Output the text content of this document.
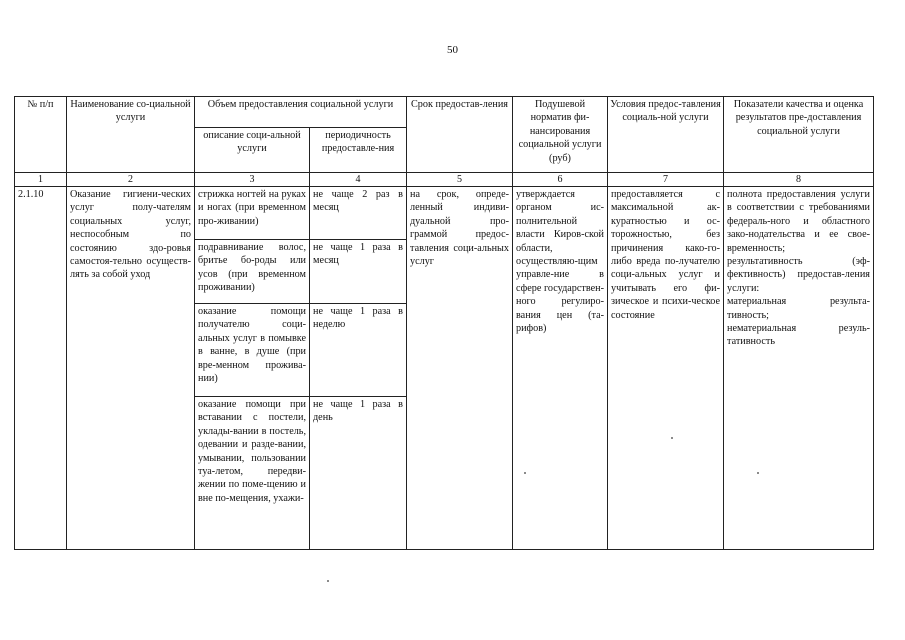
50
№ п/п	Наименование со-циальной услуги	Объем предоставления социальной услуги		Срок предостав-ления	Подушевой норматив фи-нансирования социальной услуги (руб)	Условия предос-тавления социаль-ной услуги	Показатели качества и оценка результатов пре-доставления социальной услуги
		описание соци-альной услуги	периодичность предоставле-ния				
1	2	3	4	5	6	7	8
2.1.10	Оказание гигиени-ческих услуг полу-чателям социальных услуг, неспособным по состоянию здо-ровья самостоя-тельно осуществ-лять за собой уход	стрижка ногтей на руках и ногах (при временном про-живании)	не чаще 2 раз в месяц	на срок, опреде-ленный индиви-дуальной про-граммой предос-тавления соци-альных услуг	утверждается органом ис-полнительной власти Киров-ской области, осуществляю-щим управле-ние в сфере государствен-ного регулиро-вания цен (та-рифов)	предоставляется с максимальной ак-куратностью и ос-торожностью, без причинения како-го-либо вреда по-лучателю соци-альных услуг и учитывать его фи-зическое и психи-ческое состояние	полнота предоставления услуги в соответствии с требованиями федераль-ного и областного зако-нодательства и ее свое-временность;
результативность (эф-фективность) предостав-ления услуги:
материальная результа-тивность;
нематериальная резуль-тативность

		подравнивание волос, бритье бо-роды или усов (при временном проживании)	не чаще 1 раза в месяц				
		оказание помощи получателю соци-альных услуг в помывке в ванне, в душе (при вре-менном прожива-нии)	не чаще 1 раза в неделю				
		оказание помощи при вставании с постели, уклады-вании в постель, одевании и разде-вании, умывании, пользовании туа-летом, передви-жении по поме-щению и вне по-мещения, ухажи-	не чаще 1 раза в день				
